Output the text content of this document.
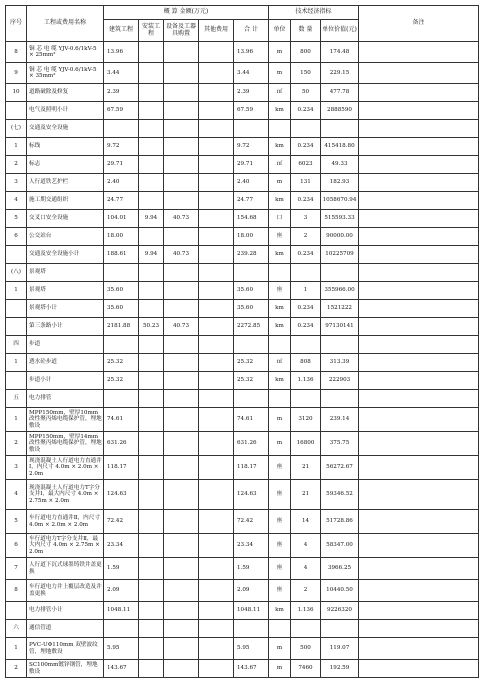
序号	工程或费用名称	概 算 金额(万元)					技术经济指标			备注
		建筑工程	安装工程	设备及工器具购置	其他费用	合 计	单位	数 量	单位价值(元)	
8	铜 芯 电 缆 YJV-0.6/1kV-5 × 25mm²	13.96				13.96	m	800	174.48	
9	铜 芯 电 缆 YJV-0.6/1kV-5 × 35mm²	3.44				3.44	m	150	229.15	
10	道路破除及修复	2.39				2.39	㎡	50	477.78	
	电气及照明小计	67.59				67.59	km	0.234	2888590	
(七)	交通及安全设施									
1	标线	9.72				9.72	km	0.234	415418.80	
2	标志	29.71				29.71	㎡	6023	49.33	
3	人行道铁艺护栏	2.40				2.40	m	131	182.93	
4	施工期交通组织	24.77				24.77	km	0.234	1058670.94	
5	交叉口安全设施	104.01	9.94	40.73		154.68	口	3	515593.33	
6	公交站台	18.00				18.00	座	2	90000.00	
	交通及安全设施小计	188.61	9.94	40.73		239.28	km	0.234	10225709	
(八)	景观塔									
1	景观塔	35.60				35.60	座	1	355966.00	
	景观塔小计	35.60				35.60	km	0.234	1521222	
	第三条路小计	2181.88	50.23	40.73		2272.85	km	0.234	97130141	
四	步道									
1	透水砼步道	25.32				25.32	㎡	808	313.39	
	步道小计	25.32				25.32	km	1.136	222903	
五	电力排管									
1	MPP150mm，壁厚10mm改性聚丙烯电缆保护管，埋地敷设	74.61				74.61	m	3120	239.14	
2	MPP150mm，壁厚14mm改性聚丙烯电缆保护管，埋地敷设	631.26				631.26	m	16800	375.75	
3	现浇混凝土人行道电力直通井Ⅰ，内尺寸 4.0m × 2.0m × 2.0m	118.17				118.17	座	21	56272.67	
4	现浇混凝土人行道电力T字分支井Ⅰ，最大内尺寸 4.0m × 2.75m × 2.0m	124.63				124.63	座	21	59346.52	
5	车行道电力直通井Ⅱ，内尺寸 4.0m × 2.0m × 2.0m	72.42				72.42	座	14	51728.86	
6	车行道电力T字分支井Ⅱ，最大内尺寸 4.0m × 2.75m × 2.0m	23.34				23.34	座	4	58347.00	
7	人行道下沉式球墨铸铁井盖更换	1.59				1.59	座	4	3966.25	
8	车行道电力井上覆层改造及井盖更换	2.09				2.09	座	2	10440.50	
	电力排管小计	1048.11				1048.11	km	1.136	9226320	
六	通信管道									
1	PVC-UΦ110mm 双壁波纹管，埋地敷设	5.95				5.95	m	500	119.07	
2	SC100mm镀锌钢管，埋地敷设	143.67				143.67	m	7460	192.59	
